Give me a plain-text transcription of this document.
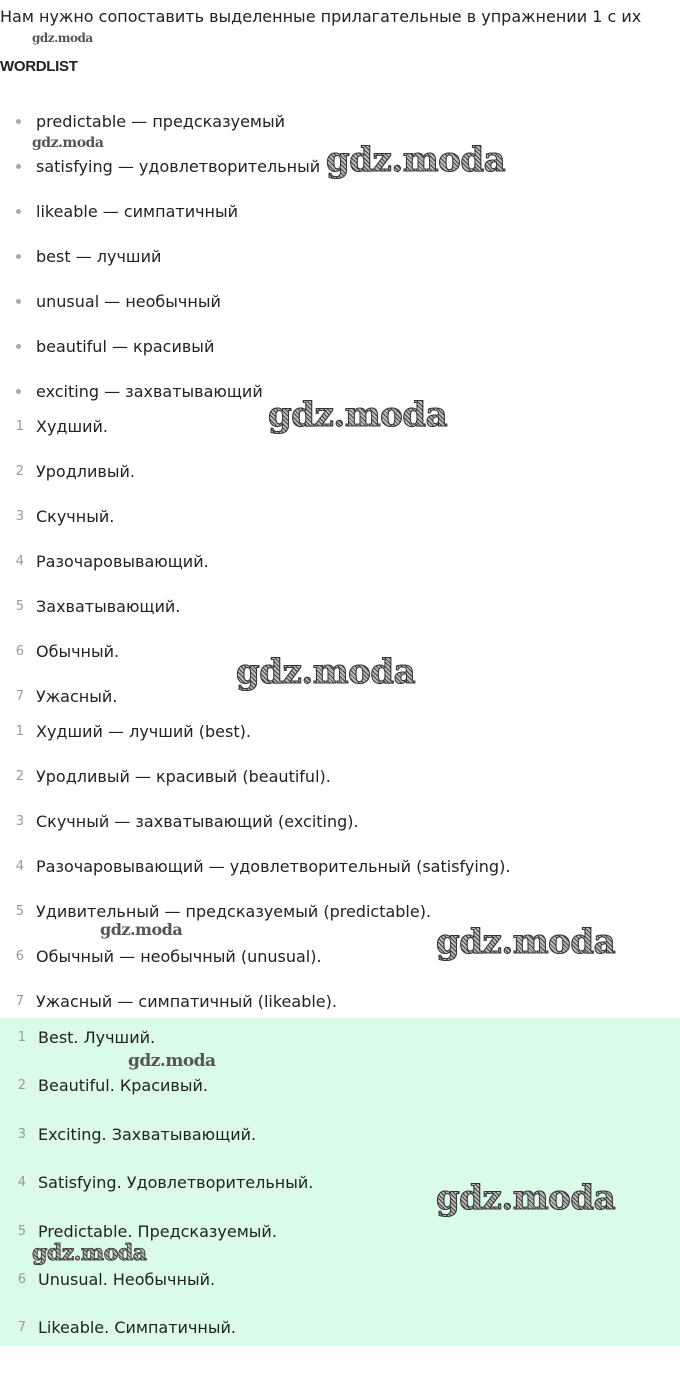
Нам нужно сопоставить выделенные прилагательные в упражнении 1 с их
gdz.moda
WORDLIST
predictable — предсказуемый
satisfying — удовлетворительный
likeable — симпатичный
best — лучший
unusual — необычный
beautiful — красивый
exciting — захватывающий
1 Худший.
2 Уродливый.
3 Скучный.
4 Разочаровывающий.
5 Захватывающий.
6 Обычный.
7 Ужасный.
1 Худший — лучший (best).
2 Уродливый — красивый (beautiful).
3 Скучный — захватывающий (exciting).
4 Разочаровывающий — удовлетворительный (satisfying).
5 Удивительный — предсказуемый (predictable).
6 Обычный — необычный (unusual).
7 Ужасный — симпатичный (likeable).
1 Best. Лучший.
2 Beautiful. Красивый.
3 Exciting. Захватывающий.
4 Satisfying. Удовлетворительный.
5 Predictable. Предсказуемый.
6 Unusual. Необычный.
7 Likeable. Симпатичный.
gdz.moda	gdz.moda
gdz.moda
gdz.moda
gdz.moda	gdz.moda
gdz.moda
gdz.moda
gdz.moda
